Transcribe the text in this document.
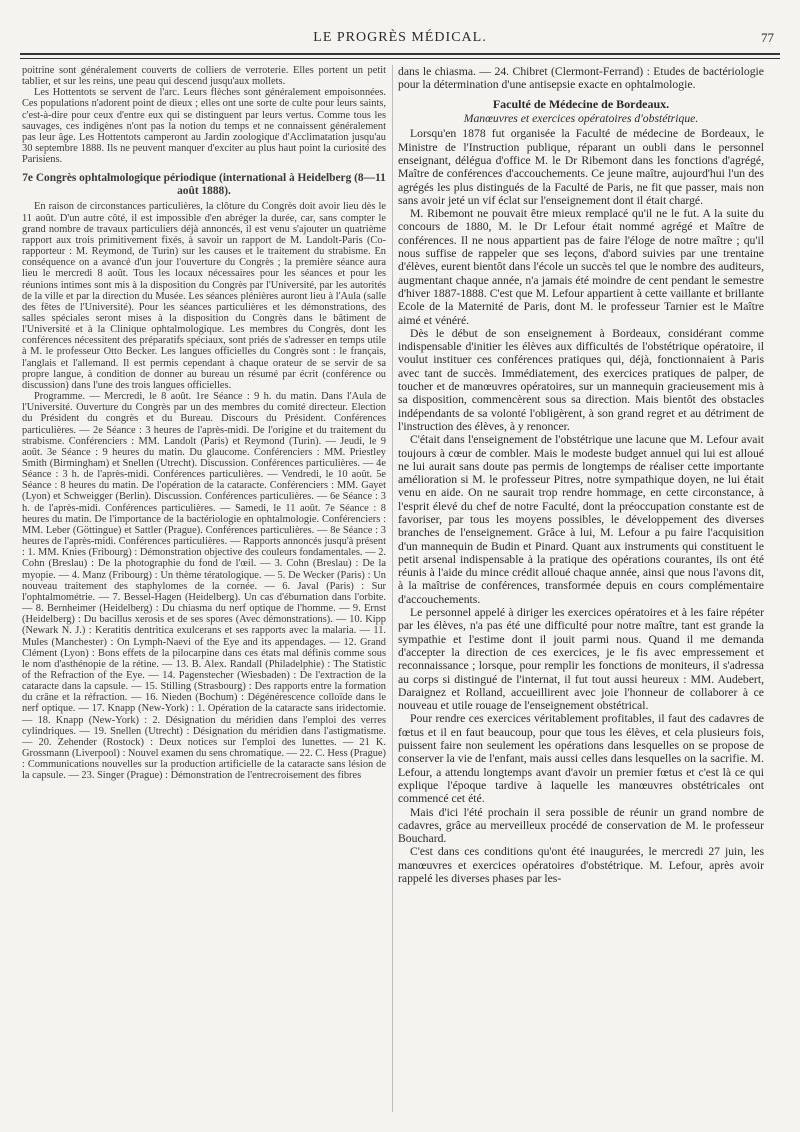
LE PROGRÈS MÉDICAL.	77

poitrine sont généralement couverts de colliers de verroterie. Elles portent un petit tablier, et sur les reins, une peau qui descend jusqu'aux mollets.

Les Hottentots se servent de l'arc. Leurs flèches sont généralement empoisonnées. Ces populations n'adorent point de dieux ; elles ont une sorte de culte pour leurs saints, c'est-à-dire pour ceux d'entre eux qui se distinguent par leurs vertus. Comme tous les sauvages, ces indigènes n'ont pas la notion du temps et ne connaissent généralement pas leur âge. Les Hottentots camperont au Jardin zoologique d'Acclimatation jusqu'au 30 septembre 1888. Ils ne peuvent manquer d'exciter au plus haut point la curiosité des Parisiens.

7e Congrès ophtalmologique périodique (international à Heidelberg (8—11 août 1888).

En raison de circonstances particulières, la clôture du Congrès doit avoir lieu dès le 11 août. D'un autre côté, il est impossible d'en abréger la durée, car, sans compter le grand nombre de travaux particuliers déjà annoncés, il est venu s'ajouter un quatrième rapport aux trois primitivement fixés, à savoir un rapport de M. Landolt-Paris (Co-rapporteur : M. Reymond, de Turin) sur les causes et le traitement du strabisme. En conséquence on a avancé d'un jour l'ouverture du Congrès ; la première séance aura lieu le mercredi 8 août. Tous les locaux nécessaires pour les séances et pour les réunions intimes sont mis à la disposition du Congrès par l'Université, par les autorités de la ville et par la direction du Musée. Les séances plénières auront lieu à l'Aula (salle des fêtes de l'Université). Pour les séances particulières et les démonstrations, des salles spéciales seront mises à la disposition du Congrès dans le bâtiment de l'Université et à la Clinique ophtalmologique. Les membres du Congrès, dont les conférences nécessitent des préparatifs spéciaux, sont priés de s'adresser en temps utile à M. le professeur Otto Becker. Les langues officielles du Congrès sont : le français, l'anglais et l'allemand. Il est permis cependant à chaque orateur de se servir de sa propre langue, à condition de donner au bureau un résumé par écrit (conférence ou discussion) dans l'une des trois langues officielles.

Programme. — Mercredi, le 8 août. 1re Séance : 9 h. du matin. Dans l'Aula de l'Université. Ouverture du Congrès par un des membres du comité directeur. Election du Président du congrès et du Bureau. Discours du Président. Conférences particulières. — 2e Séance : 3 heures de l'après-midi. De l'origine et du traitement du strabisme. Conférenciers : MM. Landolt (Paris) et Reymond (Turin). — Jeudi, le 9 août. 3e Séance : 9 heures du matin. Du glaucome. Conférenciers : MM. Priestley Smith (Birmingham) et Snellen (Utrecht). Discussion. Conférences particulières. — 4e Séance : 3 h. de l'après-midi. Conférences particulières. — Vendredi, le 10 août. 5e Séance : 8 heures du matin. De l'opération de la cataracte. Conférenciers : MM. Gayet (Lyon) et Schweigger (Berlin). Discussion. Conférences particulières. — 6e Séance : 3 h. de l'après-midi. Conférences particulières. — Samedi, le 11 août. 7e Séance : 8 heures du matin. De l'importance de la bactériologie en ophtalmologie. Conférenciers : MM. Leber (Göttingue) et Sattler (Prague). Conférences particulières. — 8e Séance : 3 heures de l'après-midi. Conférences particulières. — Rapports annoncés jusqu'à présent : 1. MM. Knies (Fribourg) : Démonstration objective des couleurs fondamentales. — 2. Cohn (Breslau) : De la photographie du fond de l'œil. — 3. Cohn (Breslau) : De la myopie. — 4. Manz (Fribourg) : Un thème tératologique. — 5. De Wecker (Paris) : Un nouveau traitement des staphylomes de la cornée. — 6. Javal (Paris) : Sur l'ophtalmométrie. — 7. Bessel-Hagen (Heidelberg). Un cas d'éburnation dans l'orbite. — 8. Bernheimer (Heidelberg) : Du chiasma du nerf optique de l'homme. — 9. Ernst (Heidelberg) : Du bacillus xerosis et de ses spores (Avec démonstrations). — 10. Kipp (Newark N. J.) : Keratitis dentritica exulcerans et ses rapports avec la malaria. — 11. Mules (Manchester) : On Lymph-Naevi of the Eye and its appendages. — 12. Grand Clément (Lyon) : Bons effets de la pilocarpine dans ces états mal définis comme sous le nom d'asthénopie de la rétine. — 13. B. Alex. Randall (Philadelphie) : The Statistic of the Refraction of the Eye. — 14. Pagenstecher (Wiesbaden) : De l'extraction de la cataracte dans la capsule. — 15. Stilling (Strasbourg) : Des rapports entre la formation du crâne et la réfraction. — 16. Nieden (Bochum) : Dégénérescence colloïde dans le nerf optique. — 17. Knapp (New-York) : 1. Opération de la cataracte sans iridectomie. — 18. Knapp (New-York) : 2. Désignation du méridien dans l'emploi des verres cylindriques. — 19. Snellen (Utrecht) : Désignation du méridien dans l'astigmatisme. — 20. Zehender (Rostock) : Deux notices sur l'emploi des lunettes. — 21 K. Grossmann (Liverpool) : Nouvel examen du sens chromatique. — 22. C. Hess (Prague) : Communications nouvelles sur la production artificielle de la cataracte sans lésion de la capsule. — 23. Singer (Prague) : Démonstration de l'entrecroisement des fibres

dans le chiasma. — 24. Chibret (Clermont-Ferrand) : Etudes de bactériologie pour la détermination d'une antisepsie exacte en ophtalmologie.

Faculté de Médecine de Bordeaux.
Manœuvres et exercices opératoires d'obstétrique.

Lorsqu'en 1878 fut organisée la Faculté de médecine de Bordeaux, le Ministre de l'Instruction publique, réparant un oubli dans le personnel enseignant, délégua d'office M. le Dr Ribemont dans les fonctions d'agrégé, Maître de conférences d'accouchements. Ce jeune maître, aujourd'hui l'un des agrégés les plus distingués de la Faculté de Paris, ne fit que passer, mais non sans avoir jeté un vif éclat sur l'enseignement dont il était chargé.

M. Ribemont ne pouvait être mieux remplacé qu'il ne le fut. A la suite du concours de 1880, M. le Dr Lefour était nommé agrégé et Maître de conférences. Il ne nous appartient pas de faire l'éloge de notre maître ; qu'il nous suffise de rappeler que ses leçons, d'abord suivies par une trentaine d'élèves, eurent bientôt dans l'école un succès tel que le nombre des auditeurs, augmentant chaque année, n'a jamais été moindre de cent pendant le semestre d'hiver 1887-1888. C'est que M. Lefour appartient à cette vaillante et brillante Ecole de la Maternité de Paris, dont M. le professeur Tarnier est le Maître aimé et vénéré.

Dès le début de son enseignement à Bordeaux, considérant comme indispensable d'initier les élèves aux difficultés de l'obstétrique opératoire, il voulut instituer ces conférences pratiques qui, déjà, fonctionnaient à Paris avec tant de succès. Immédiatement, des exercices pratiques de palper, de toucher et de manœuvres opératoires, sur un mannequin gracieusement mis à sa disposition, commencèrent sous sa direction. Mais bientôt des obstacles indépendants de sa volonté l'obligèrent, à son grand regret et au détriment de l'instruction des élèves, à y renoncer.

C'était dans l'enseignement de l'obstétrique une lacune que M. Lefour avait toujours à cœur de combler. Mais le modeste budget annuel qui lui est alloué ne lui aurait sans doute pas permis de longtemps de réaliser cette importante amélioration si M. le professeur Pitres, notre sympathique doyen, ne lui était venu en aide. On ne saurait trop rendre hommage, en cette circonstance, à l'esprit élevé du chef de notre Faculté, dont la préoccupation constante est de favoriser, par tous les moyens possibles, le développement des diverses branches de l'enseignement. Grâce à lui, M. Lefour a pu faire l'acquisition d'un mannequin de Budin et Pinard. Quant aux instruments qui constituent le petit arsenal indispensable à la pratique des opérations courantes, ils ont été réunis à l'aide du mince crédit alloué chaque année, ainsi que nous l'avons dit, à la maîtrise de conférences, transformée depuis en cours complémentaire d'accouchements.

Le personnel appelé à diriger les exercices opératoires et à les faire répéter par les élèves, n'a pas été une difficulté pour notre maître, tant est grande la sympathie et l'estime dont il jouit parmi nous. Quand il me demanda d'accepter la direction de ces exercices, je le fis avec empressement et reconnaissance ; lorsque, pour remplir les fonctions de moniteurs, il s'adressa au corps si distingué de l'internat, il fut tout aussi heureux : MM. Audebert, Daraignez et Rolland, accueillirent avec joie l'honneur de collaborer à ce nouveau et utile rouage de l'enseignement obstétrical.

Pour rendre ces exercices véritablement profitables, il faut des cadavres de fœtus et il en faut beaucoup, pour que tous les élèves, et cela plusieurs fois, puissent faire non seulement les opérations dans lesquelles on se propose de conserver la vie de l'enfant, mais aussi celles dans lesquelles on la sacrifie. M. Lefour, a attendu longtemps avant d'avoir un premier fœtus et c'est là ce qui explique l'époque tardive à laquelle les manœuvres obstétricales ont commencé cet été.

Mais d'ici l'été prochain il sera possible de réunir un grand nombre de cadavres, grâce au merveilleux procédé de conservation de M. le professeur Bouchard.

C'est dans ces conditions qu'ont été inaugurées, le mercredi 27 juin, les manœuvres et exercices opératoires d'obstétrique. M. Lefour, après avoir rappelé les diverses phases par les-
